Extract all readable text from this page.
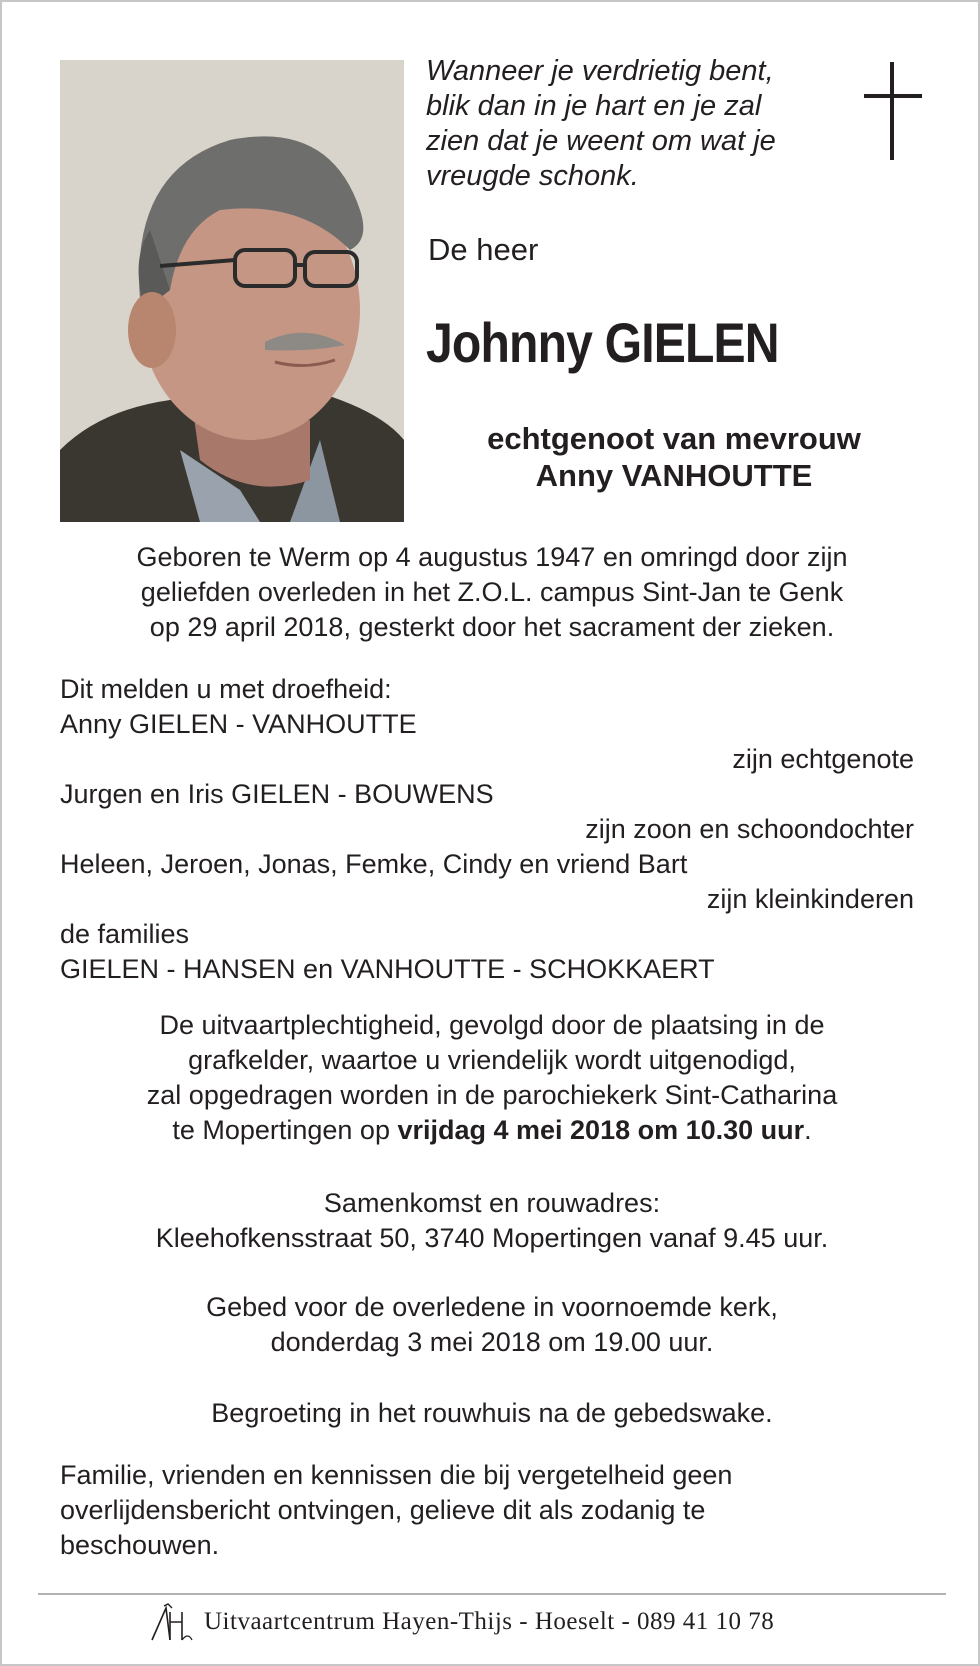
Wanneer je verdrietig bent,
blik dan in je hart en je zal
zien dat je weent om wat je
vreugde schonk.

De heer

Johnny GIELEN
echtgenoot van mevrouw
Anny VANHOUTTE
Geboren te Werm op 4 augustus 1947 en omringd door zijn
geliefden overleden in het Z.O.L. campus Sint-Jan te Genk
op 29 april 2018, gesterkt door het sacrament der zieken.
Dit melden u met droefheid:
Anny GIELEN - VANHOUTTE
zijn echtgenote
Jurgen en Iris GIELEN - BOUWENS
zijn zoon en schoondochter
Heleen, Jeroen, Jonas, Femke, Cindy en vriend Bart
zijn kleinkinderen
de families
GIELEN - HANSEN en VANHOUTTE - SCHOKKAERT
De uitvaartplechtigheid, gevolgd door de plaatsing in de
grafkelder, waartoe u vriendelijk wordt uitgenodigd,
zal opgedragen worden in de parochiekerk Sint-Catharina
te Mopertingen op vrijdag 4 mei 2018 om 10.30 uur.
Samenkomst en rouwadres:
Kleehofkensstraat 50, 3740 Mopertingen vanaf 9.45 uur.
Gebed voor de overledene in voornoemde kerk,
donderdag 3 mei 2018 om 19.00 uur.

Begroeting in het rouwhuis na de gebedswake.

Familie, vrienden en kennissen die bij vergetelheid geen
overlijdensbericht ontvingen, gelieve dit als zodanig te
beschouwen.
Uitvaartcentrum Hayen-Thijs - Hoeselt - 089 41 10 78
